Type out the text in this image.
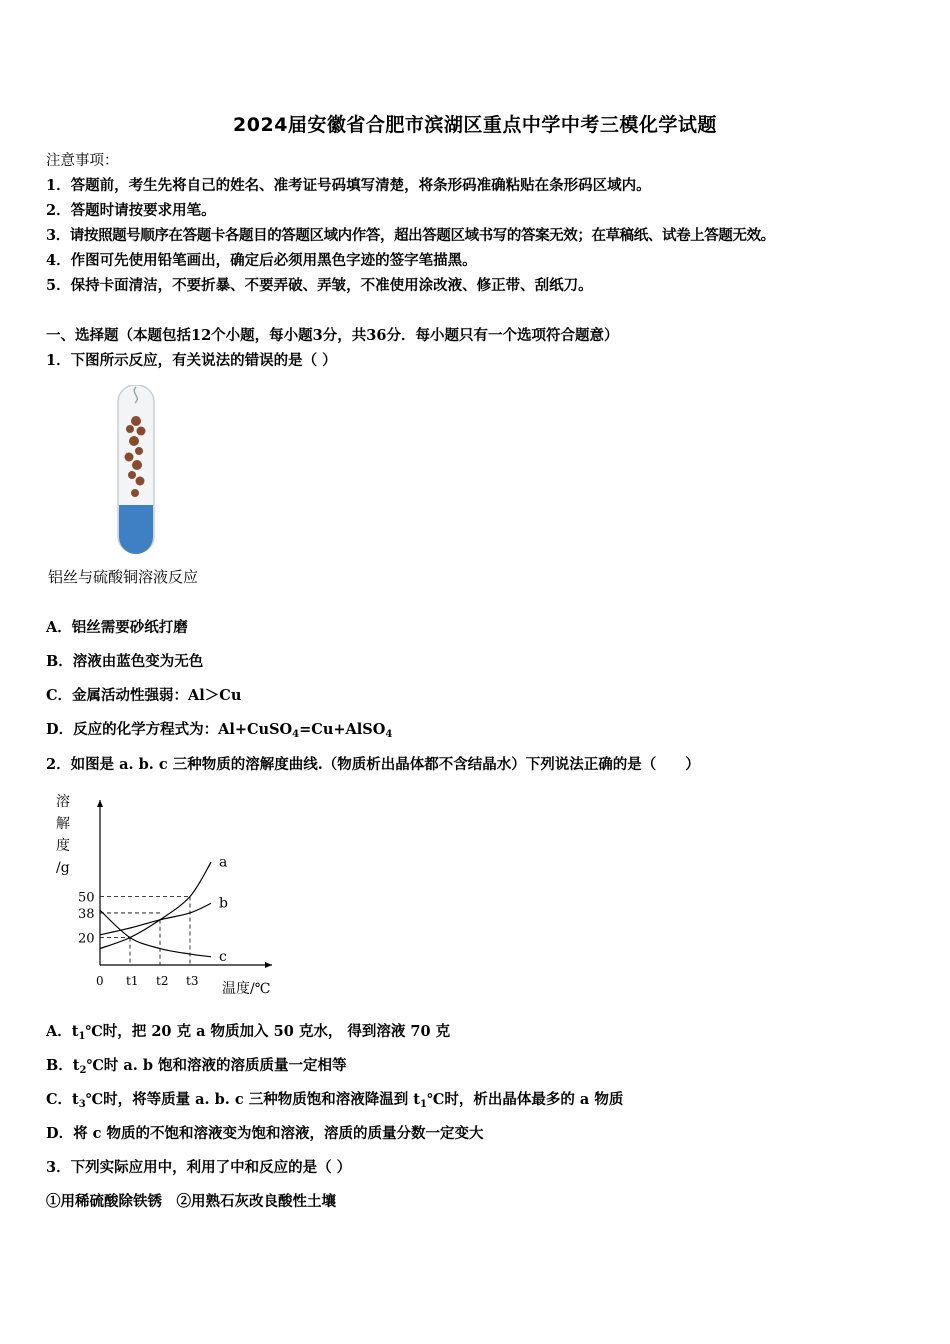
2024届安徽省合肥市滨湖区重点中学中考三模化学试题
注意事项：
1．答题前，考生先将自己的姓名、准考证号码填写清楚，将条形码准确粘贴在条形码区域内。
2．答题时请按要求用笔。
3．请按照题号顺序在答题卡各题目的答题区域内作答，超出答题区域书写的答案无效；在草稿纸、试卷上答题无效。
4．作图可先使用铅笔画出，确定后必须用黑色字迹的签字笔描黑。
5．保持卡面清洁，不要折暴、不要弄破、弄皱，不准使用涂改液、修正带、刮纸刀。
一、选择题（本题包括12个小题，每小题3分，共36分．每小题只有一个选项符合题意）
1．下图所示反应，有关说法的错误的是（ ）
铝丝与硫酸铜溶液反应
A．铝丝需要砂纸打磨
B．溶液由蓝色变为无色
C．金属活动性强弱：Al＞Cu
D．反应的化学方程式为：Al+CuSO$_4$=Cu+AlSO$_4$
2．如图是 a. b. c 三种物质的溶解度曲线.（物质析出晶体都不含结晶水）下列说法正确的是（　　）
溶
解
度
/g
温度/℃
20
38
50
0 t1 t2 t3
a
b
c
A．$t_1℃$时，把 20 克 a 物质加入 50 克水， 得到溶液 70 克
B．$t_2℃$时 a. b 饱和溶液的溶质质量一定相等
C．$t_3℃$时，将等质量 a. b. c 三种物质饱和溶液降温到 $t_1℃$时，析出晶体最多的 a 物质
D．将 c 物质的不饱和溶液变为饱和溶液，溶质的质量分数一定变大
3．下列实际应用中，利用了中和反应的是（ ）
①用稀硫酸除铁锈　②用熟石灰改良酸性土壤
